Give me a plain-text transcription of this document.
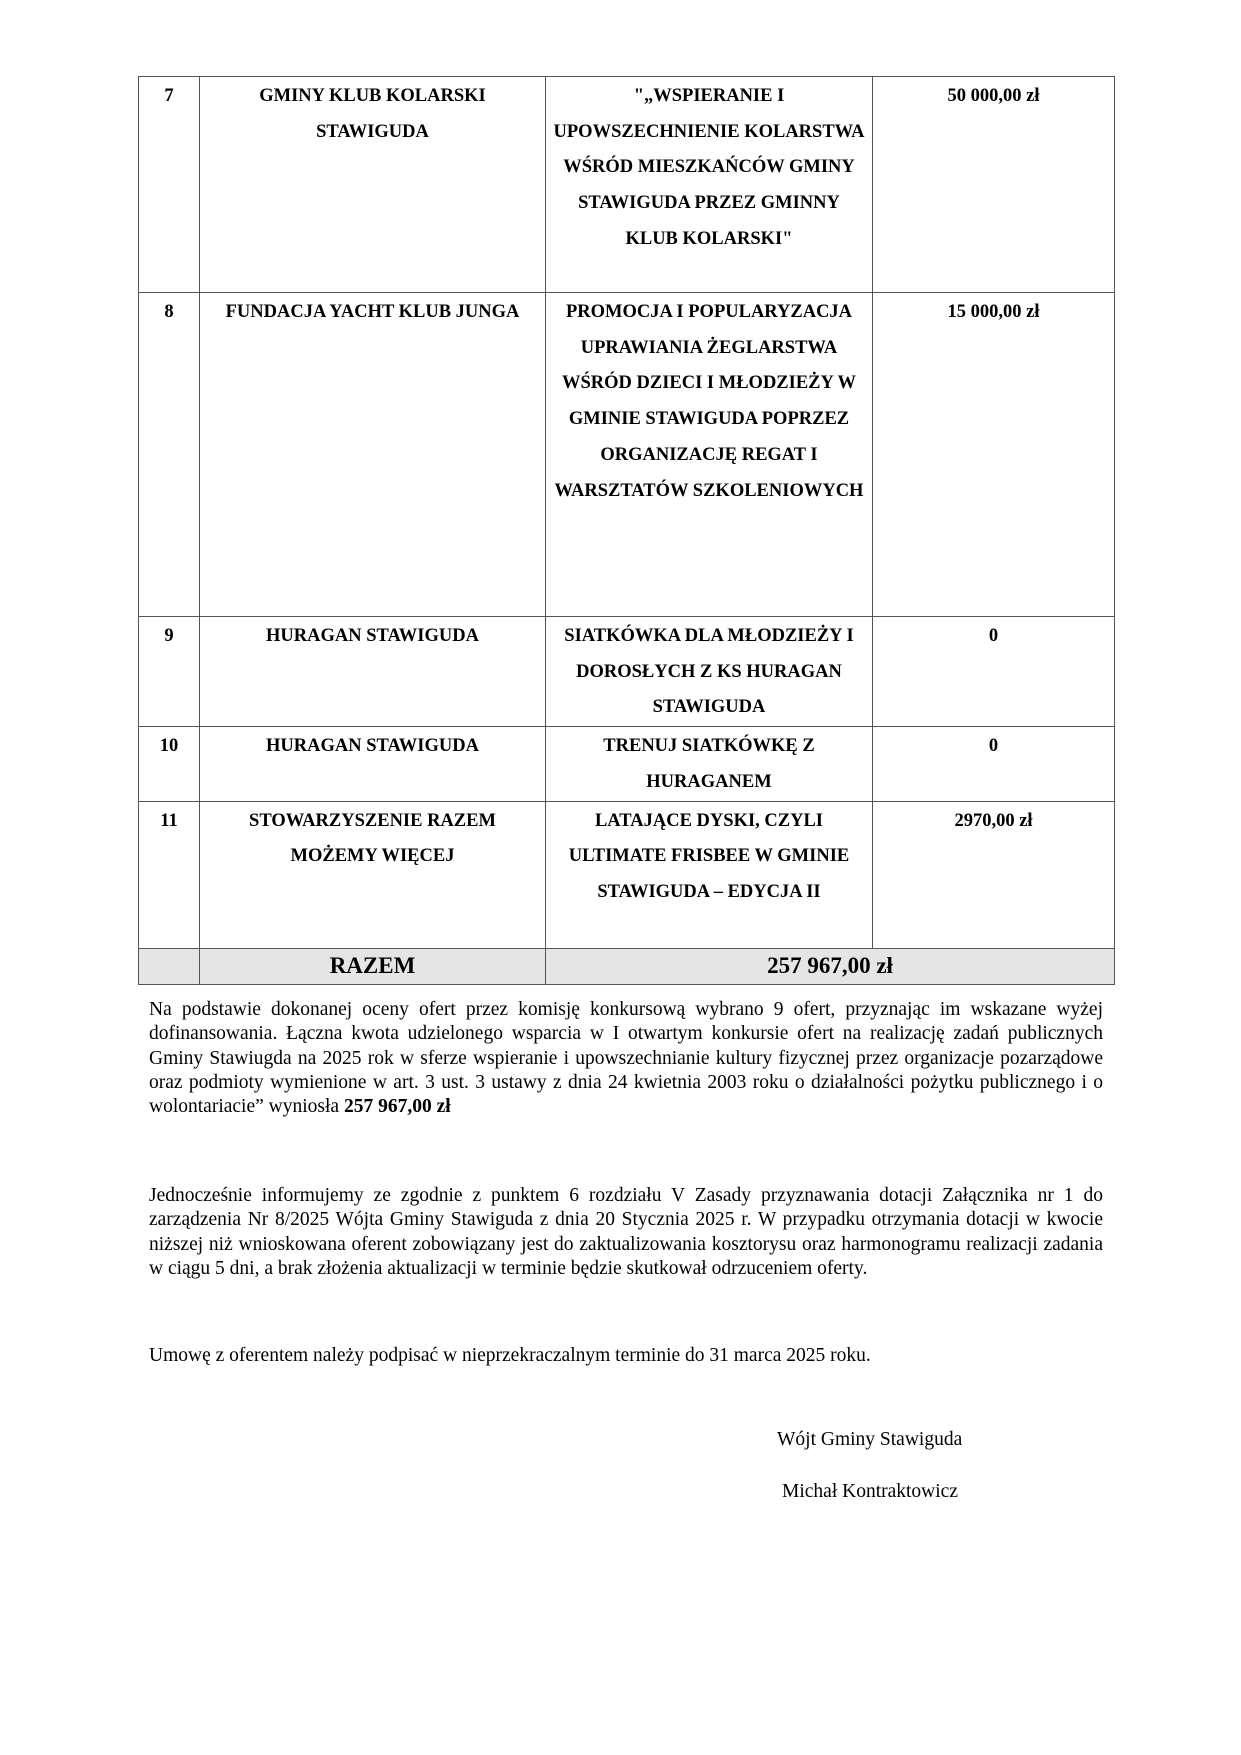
7	GMINY KLUB KOLARSKI STAWIGUDA	"„WSPIERANIE I UPOWSZECHNIENIE KOLARSTWA WŚRÓD MIESZKAŃCÓW GMINY STAWIGUDA PRZEZ GMINNY KLUB KOLARSKI"	50 000,00 zł
8	FUNDACJA YACHT KLUB JUNGA	PROMOCJA I POPULARYZACJA UPRAWIANIA ŻEGLARSTWA WŚRÓD DZIECI I MŁODZIEŻY W GMINIE STAWIGUDA POPRZEZ ORGANIZACJĘ REGAT I WARSZTATÓW SZKOLENIOWYCH	15 000,00 zł
9	HURAGAN STAWIGUDA	SIATKÓWKA DLA MŁODZIEŻY I DOROSŁYCH Z KS HURAGAN STAWIGUDA	0
10	HURAGAN STAWIGUDA	TRENUJ SIATKÓWKĘ Z HURAGANEM	0
11	STOWARZYSZENIE RAZEM MOŻEMY WIĘCEJ	LATAJĄCE DYSKI, CZYLI ULTIMATE FRISBEE W GMINIE STAWIGUDA – EDYCJA II	2970,00 zł
	RAZEM	257 967,00 zł	

Na podstawie dokonanej oceny ofert przez komisję konkursową wybrano 9 ofert, przyznając im wskazane wyżej dofinansowania. Łączna kwota udzielonego wsparcia w I otwartym konkursie ofert na realizację zadań publicznych Gminy Stawiugda na 2025 rok w sferze wspieranie i upowszechnianie kultury fizycznej przez organizacje pozarządowe oraz podmioty wymienione w art. 3 ust. 3 ustawy z dnia 24 kwietnia 2003 roku o działalności pożytku publicznego i o wolontariacie” wyniosła 257 967,00 zł

Jednocześnie informujemy ze zgodnie z punktem 6 rozdziału V Zasady przyznawania dotacji Załącznika nr 1 do zarządzenia Nr 8/2025 Wójta Gminy Stawiguda z dnia 20 Stycznia 2025 r. W przypadku otrzymania dotacji w kwocie niższej niż wnioskowana oferent zobowiązany jest do zaktualizowania kosztorysu oraz harmonogramu realizacji zadania w ciągu 5 dni, a brak złożenia aktualizacji w terminie będzie skutkował odrzuceniem oferty.

Umowę z oferentem należy podpisać w nieprzekraczalnym terminie do 31 marca 2025 roku.

Wójt Gminy Stawiguda
Michał Kontraktowicz
